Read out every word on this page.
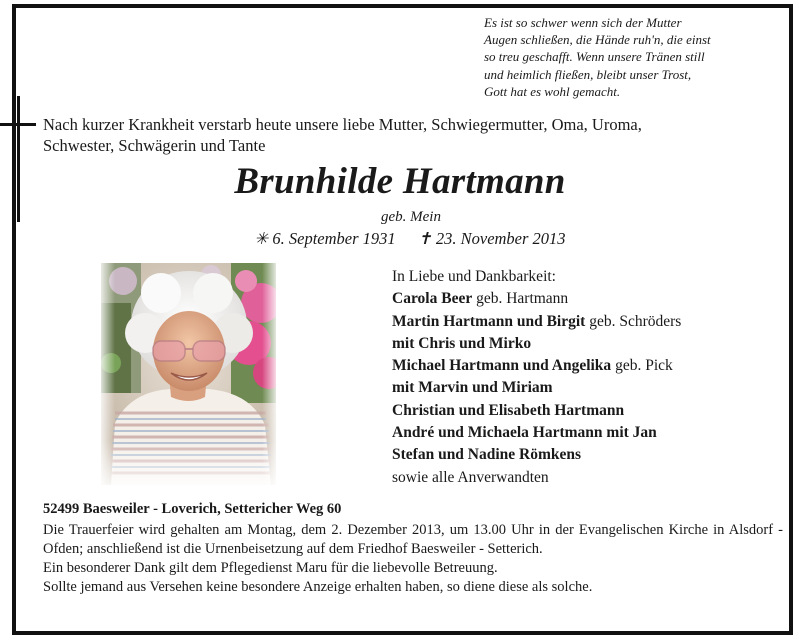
Es ist so schwer wenn sich der Mutter
Augen schließen, die Hände ruh'n, die einst
so treu geschafft. Wenn unsere Tränen still
und heimlich fließen, bleibt unser Trost,
Gott hat es wohl gemacht.
Nach kurzer Krankheit verstarb heute unsere liebe Mutter, Schwiegermutter, Oma, Uroma,
Schwester, Schwägerin und Tante
Brunhilde Hartmann
geb. Mein
✳ 6. September 1931 ✝ 23. November 2013
In Liebe und Dankbarkeit:
Carola Beer geb. Hartmann
Martin Hartmann und Birgit geb. Schröders
mit Chris und Mirko
Michael Hartmann und Angelika geb. Pick
mit Marvin und Miriam
Christian und Elisabeth Hartmann
André und Michaela Hartmann mit Jan
Stefan und Nadine Römkens
sowie alle Anverwandten
52499 Baesweiler - Loverich, Settericher Weg 60
Die Trauerfeier wird gehalten am Montag, dem 2. Dezember 2013, um 13.00 Uhr in der Evangelischen Kirche in Alsdorf - Ofden; anschließend ist die Urnenbeisetzung auf dem Friedhof Baesweiler - Setterich.
Ein besonderer Dank gilt dem Pflegedienst Maru für die liebevolle Betreuung.
Sollte jemand aus Versehen keine besondere Anzeige erhalten haben, so diene diese als solche.
